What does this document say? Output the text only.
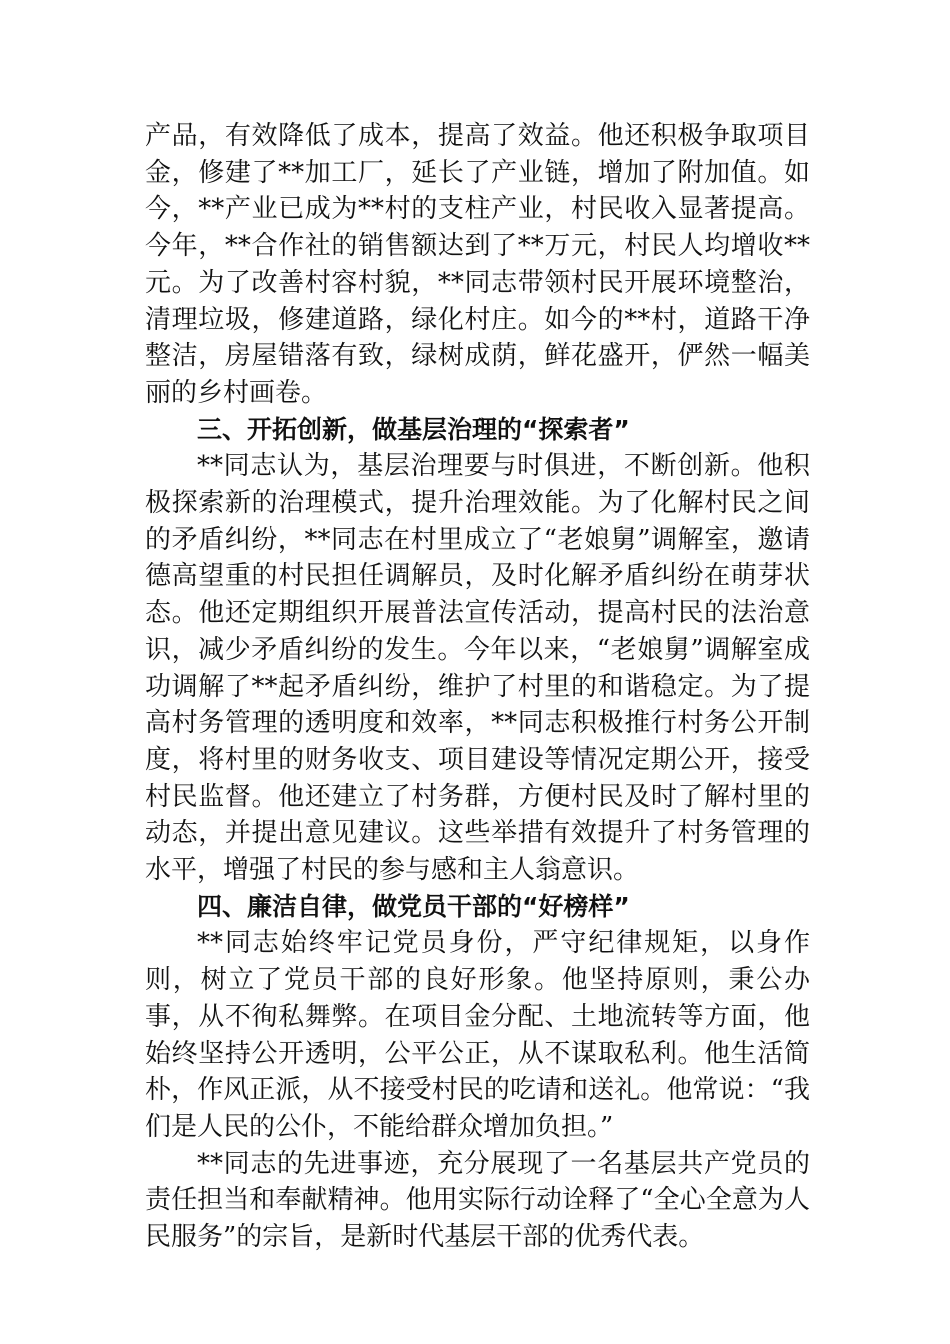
产品，有效降低了成本，提高了效益。他还积极争取项目金，修建了**加工厂，延长了产业链，增加了附加值。如今，**产业已成为**村的支柱产业，村民收入显著提高。今年，**合作社的销售额达到了**万元，村民人均增收**元。为了改善村容村貌，**同志带领村民开展环境整治，清理垃圾，修建道路，绿化村庄。如今的**村，道路干净整洁，房屋错落有致，绿树成荫，鲜花盛开，俨然一幅美丽的乡村画卷。

三、开拓创新，做基层治理的“探索者”

**同志认为，基层治理要与时俱进，不断创新。他积极探索新的治理模式，提升治理效能。为了化解村民之间的矛盾纠纷，**同志在村里成立了“老娘舅”调解室，邀请德高望重的村民担任调解员，及时化解矛盾纠纷在萌芽状态。他还定期组织开展普法宣传活动，提高村民的法治意识，减少矛盾纠纷的发生。今年以来，“老娘舅”调解室成功调解了**起矛盾纠纷，维护了村里的和谐稳定。为了提高村务管理的透明度和效率，**同志积极推行村务公开制度，将村里的财务收支、项目建设等情况定期公开，接受村民监督。他还建立了村务群，方便村民及时了解村里的动态，并提出意见建议。这些举措有效提升了村务管理的水平，增强了村民的参与感和主人翁意识。

四、廉洁自律，做党员干部的“好榜样”

**同志始终牢记党员身份，严守纪律规矩，以身作则，树立了党员干部的良好形象。他坚持原则，秉公办事，从不徇私舞弊。在项目金分配、土地流转等方面，他始终坚持公开透明，公平公正，从不谋取私利。他生活简朴，作风正派，从不接受村民的吃请和送礼。他常说：“我们是人民的公仆，不能给群众增加负担。”

**同志的先进事迹，充分展现了一名基层共产党员的责任担当和奉献精神。他用实际行动诠释了“全心全意为人民服务”的宗旨，是新时代基层干部的优秀代表。
